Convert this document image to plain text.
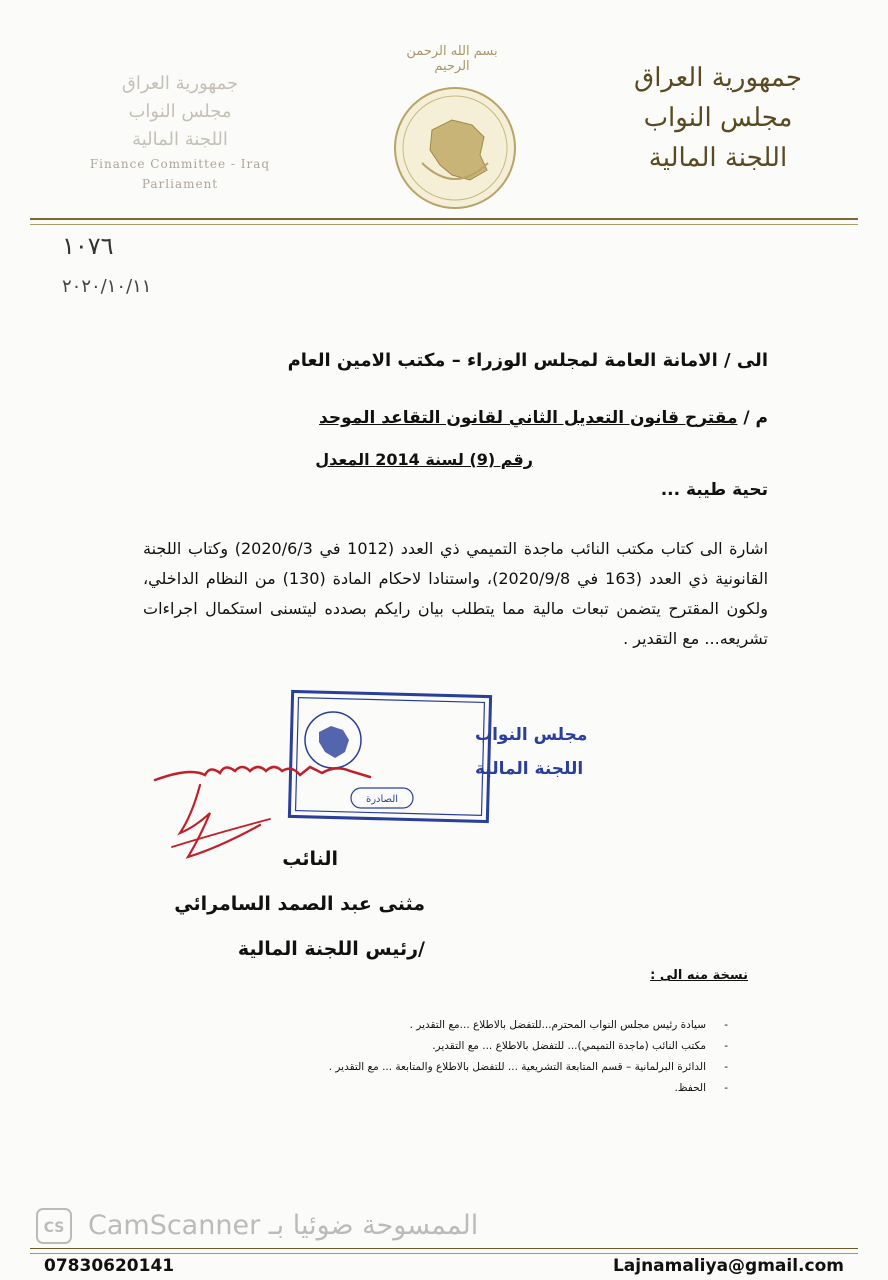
جمهورية العراق
مجلس النواب
اللجنة المالية
جمهورية العراق
مجلس النواب
اللجنة المالية
Finance Committee - Iraq
Parliament
بسم الله الرحمن الرحيم
١٠٧٦
٢٠٢٠/١٠/١١
الى / الامانة العامة لمجلس الوزراء – مكتب الامين العام
م / مقترح قانون التعديل الثاني لقانون التقاعد الموحد
رقم (9) لسنة 2014 المعدل
تحية طيبة ...
اشارة الى كتاب مكتب النائب ماجدة التميمي ذي العدد (1012 في 2020/6/3) وكتاب اللجنة القانونية ذي العدد (163 في 2020/9/8)، واستنادا لاحكام المادة (130) من النظام الداخلي، ولكون المقترح يتضمن تبعات مالية مما يتطلب بيان رايكم بصدده ليتسنى استكمال اجراءات تشريعه... مع التقدير .
مجلس النواب
اللجنة المالية
الصادرة
النائب
مثنى عبد الصمد السامرائي
/رئيس اللجنة المالية
نسخة منه الى :
- سيادة رئيس مجلس النواب المحترم...للتفضل بالاطلاع ...مع التقدير .
- مكتب النائب (ماجدة التميمي)... للتفضل بالاطلاع ... مع التقدير.
- الدائرة البرلمانية – قسم المتابعة التشريعية ... للتفضل بالاطلاع والمتابعة ... مع التقدير .
- الحفظ.
CS CamScanner الممسوحة ضوئيا بـ
07830620141	Lajnamaliya@gmail.com
